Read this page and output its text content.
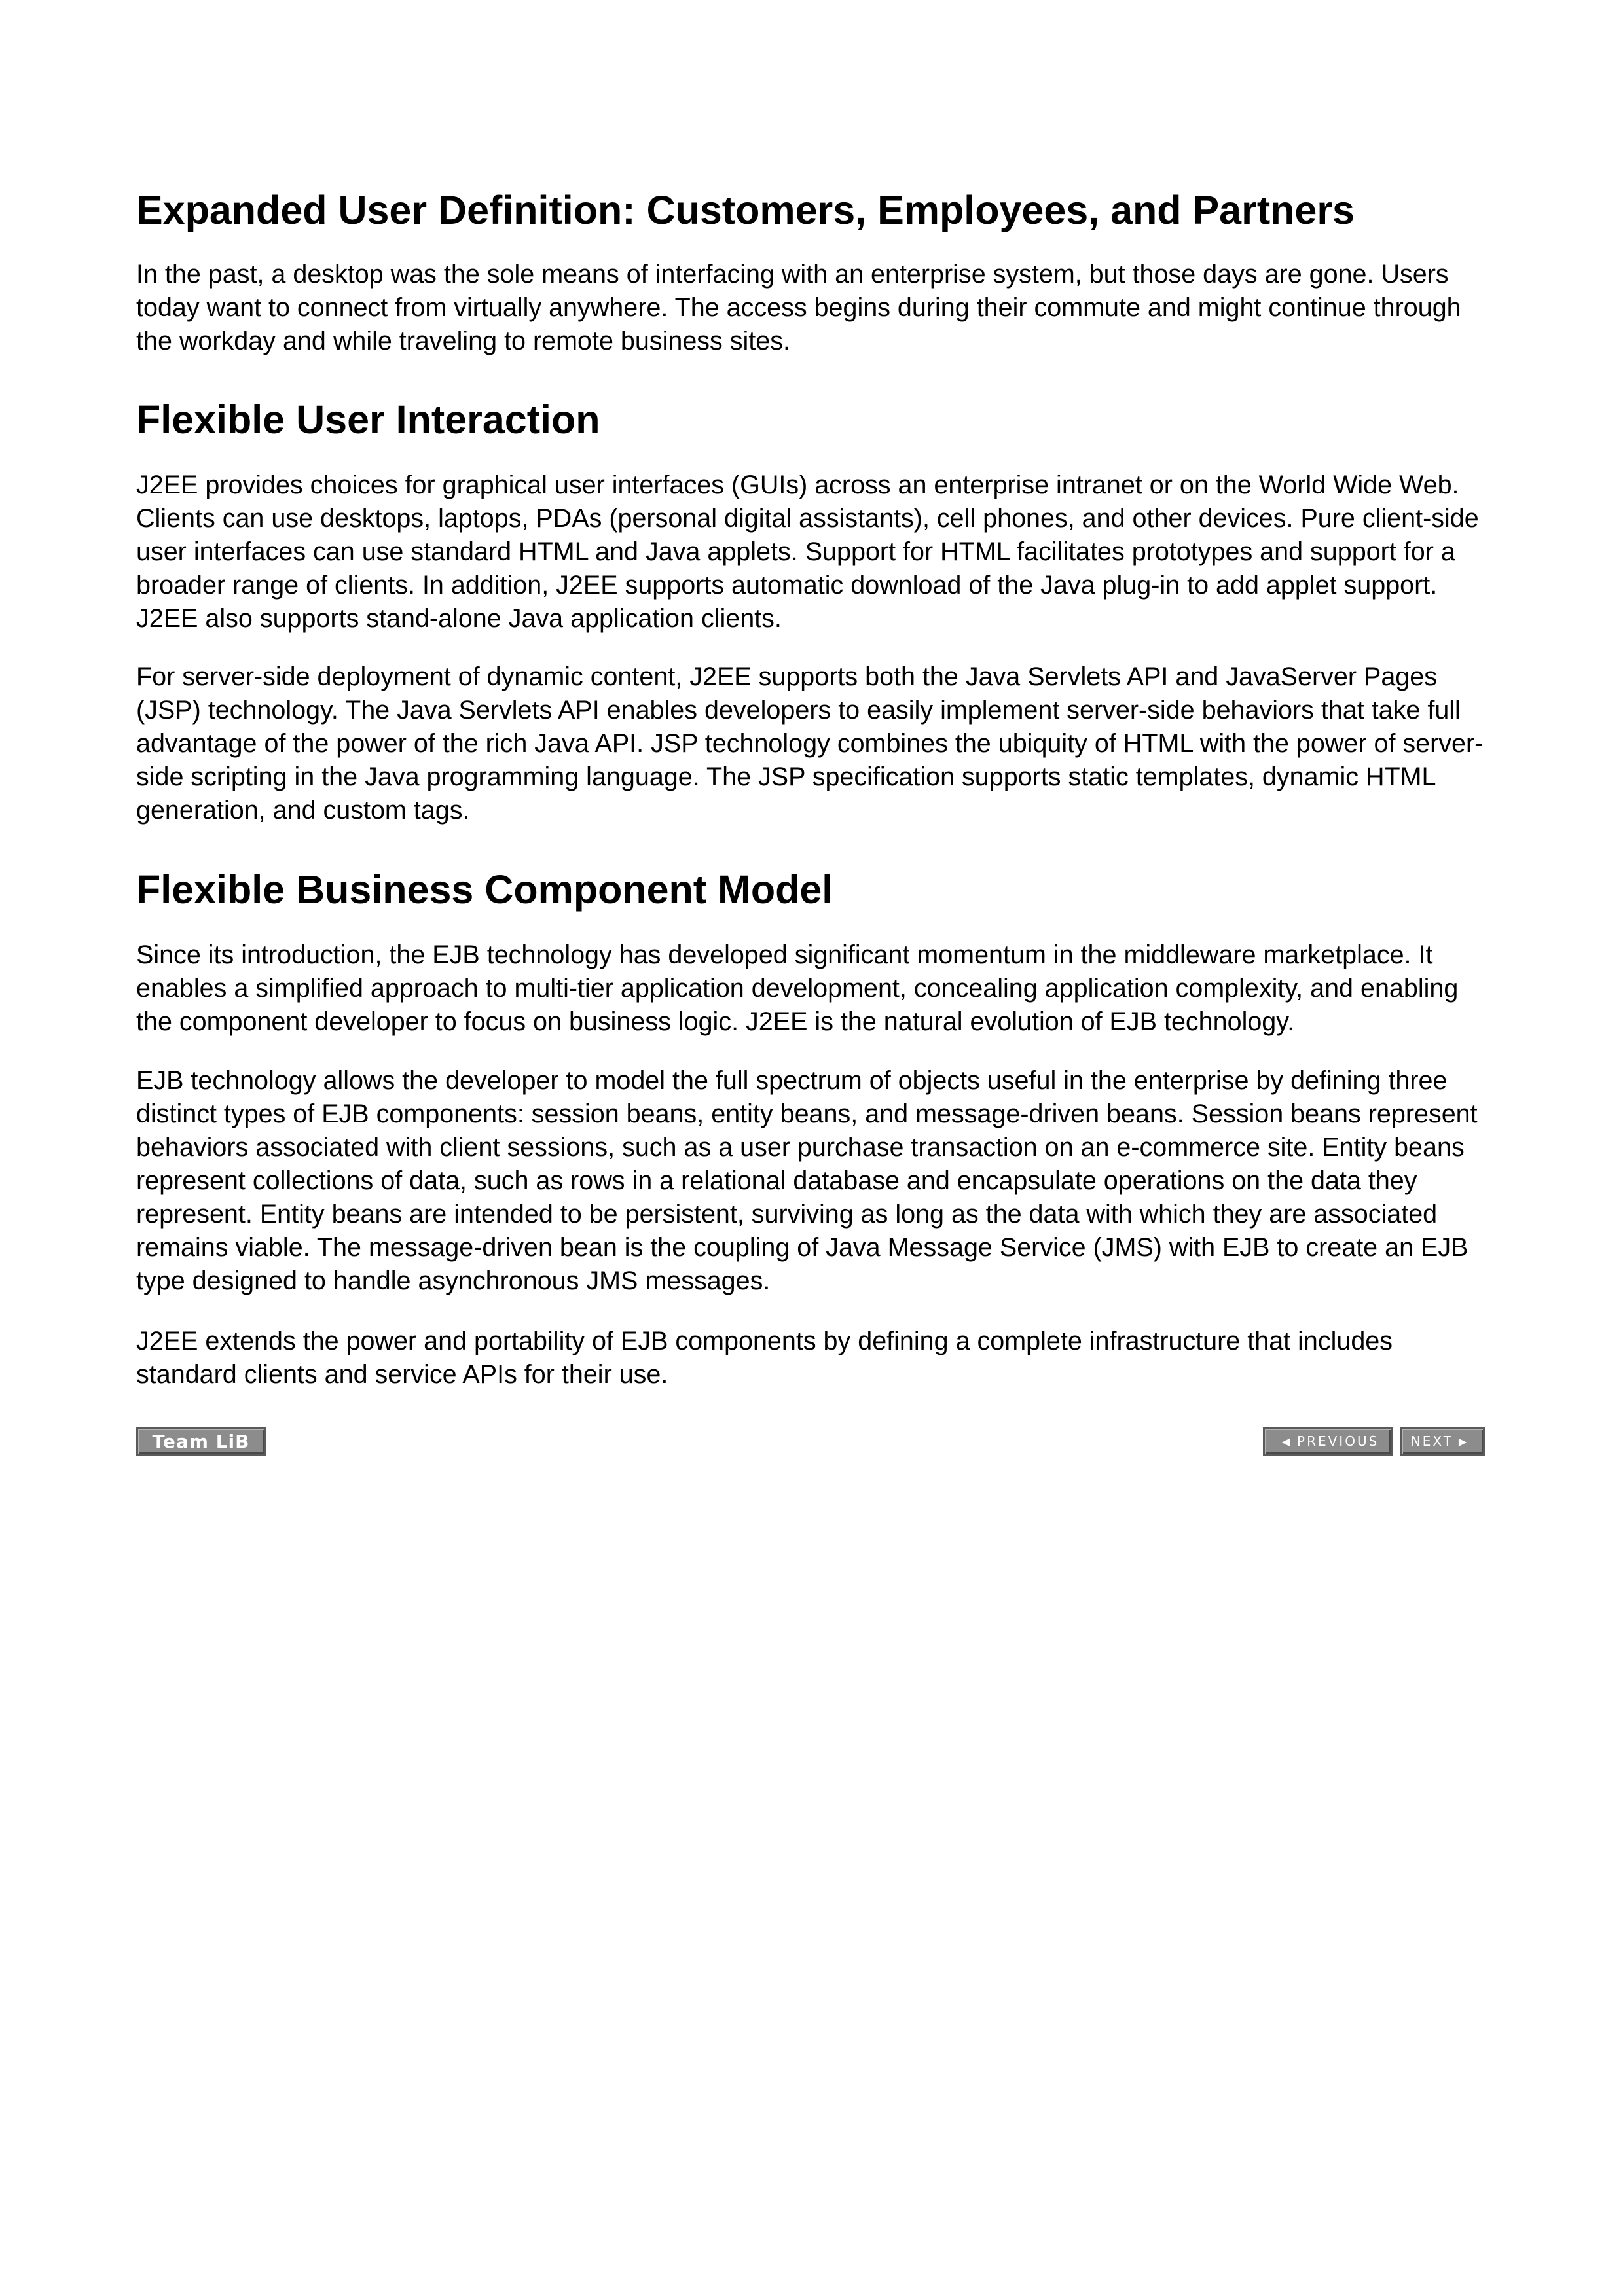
Expanded User Definition: Customers, Employees, and Partners

In the past, a desktop was the sole means of interfacing with an enterprise system, but those days are gone. Users today want to connect from virtually anywhere. The access begins during their commute and might continue through the workday and while traveling to remote business sites.

Flexible User Interaction

J2EE provides choices for graphical user interfaces (GUIs) across an enterprise intranet or on the World Wide Web. Clients can use desktops, laptops, PDAs (personal digital assistants), cell phones, and other devices. Pure client-side user interfaces can use standard HTML and Java applets. Support for HTML facilitates prototypes and support for a broader range of clients. In addition, J2EE supports automatic download of the Java plug-in to add applet support. J2EE also supports stand-alone Java application clients.

For server-side deployment of dynamic content, J2EE supports both the Java Servlets API and JavaServer Pages (JSP) technology. The Java Servlets API enables developers to easily implement server-side behaviors that take full advantage of the power of the rich Java API. JSP technology combines the ubiquity of HTML with the power of server-side scripting in the Java programming language. The JSP specification supports static templates, dynamic HTML generation, and custom tags.

Flexible Business Component Model

Since its introduction, the EJB technology has developed significant momentum in the middleware marketplace. It enables a simplified approach to multi-tier application development, concealing application complexity, and enabling the component developer to focus on business logic. J2EE is the natural evolution of EJB technology.

EJB technology allows the developer to model the full spectrum of objects useful in the enterprise by defining three distinct types of EJB components: session beans, entity beans, and message-driven beans. Session beans represent behaviors associated with client sessions, such as a user purchase transaction on an e-commerce site. Entity beans represent collections of data, such as rows in a relational database and encapsulate operations on the data they represent. Entity beans are intended to be persistent, surviving as long as the data with which they are associated remains viable. The message-driven bean is the coupling of Java Message Service (JMS) with EJB to create an EJB type designed to handle asynchronous JMS messages.

J2EE extends the power and portability of EJB components by defining a complete infrastructure that includes standard clients and service APIs for their use.

Team LiB	◀ PREVIOUS NEXT ▶
